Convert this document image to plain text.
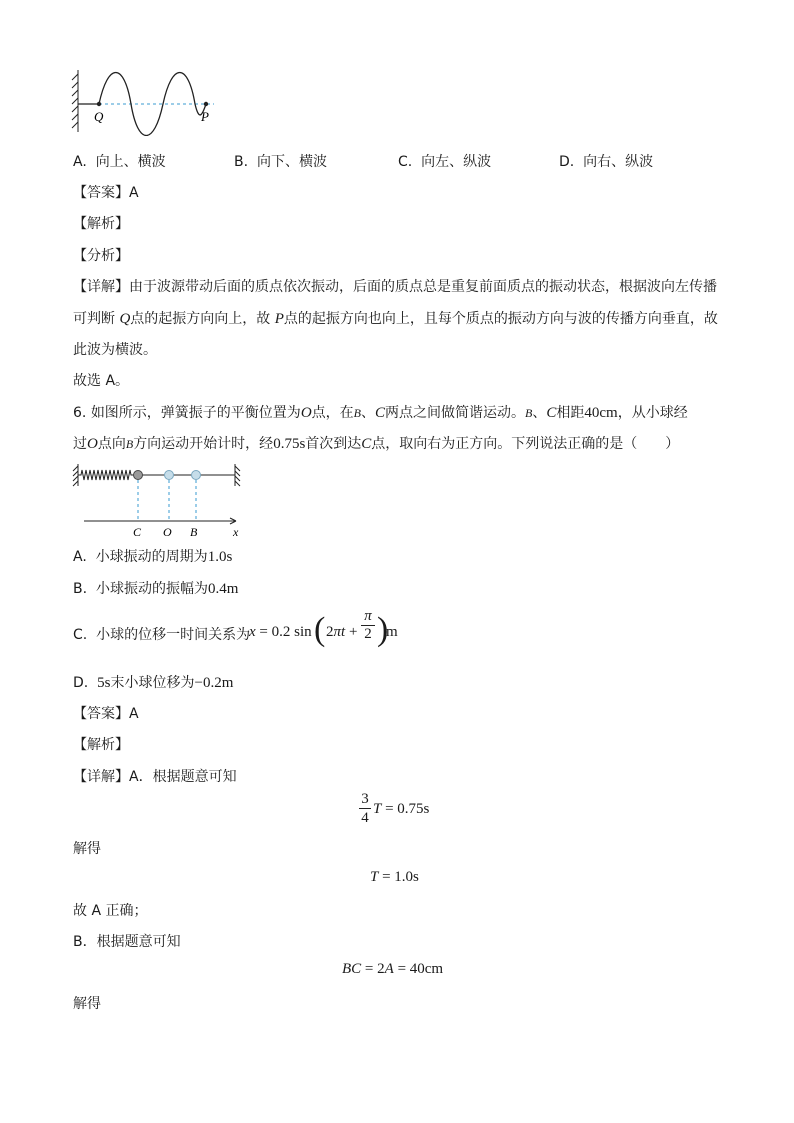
Q	P
A. 向上、横波	B. 向下、横波	C. 向左、纵波	D. 向右、纵波
【答案】A
【解析】
【分析】
【详解】由于波源带动后面的质点依次振动，后面的质点总是重复前面质点的振动状态，根据波向左传播
可判断 Q点的起振方向向上，故 P点的起振方向也向上，且每个质点的振动方向与波的传播方向垂直，故
此波为横波。
故选 A。
6. 如图所示，弹簧振子的平衡位置为O点，在B、C两点之间做简谐运动。B、C相距40cm，从小球经
过O点向B方向运动开始计时，经0.75s首次到达C点，取向右为正方向。下列说法正确的是（　　）
C O B	x
A. 小球振动的周期为1.0s
B. 小球振动的振幅为0.4m
C. 小球的位移一时间关系为
x = 0.2 sin ( 2πt +
π
2 )
m
D. 5s末小球位移为−0.2m
【答案】A
【解析】
【详解】A．根据题意可知
3
4
T = 0.75s
解得
T = 1.0s
故 A 正确；
B．根据题意可知
BC = 2A = 40cm
解得
